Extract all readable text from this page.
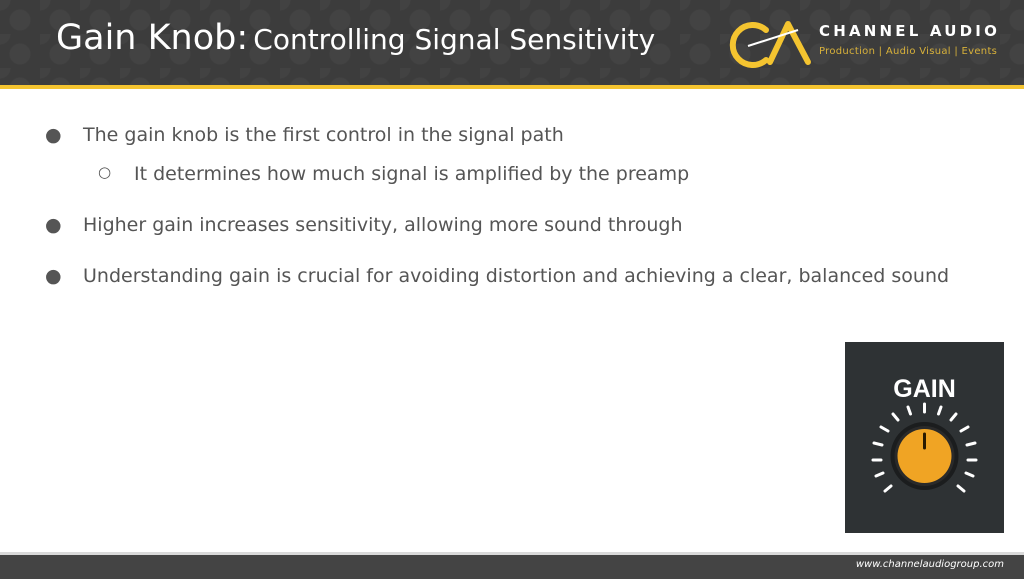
Gain Knob: Controlling Signal Sensitivity	CHANNEL AUDIO
Production | Audio Visual | Events
● The gain knob is the first control in the signal path
○ It determines how much signal is amplified by the preamp
● Higher gain increases sensitivity, allowing more sound through
● Understanding gain is crucial for avoiding distortion and achieving a clear, balanced sound
GAIN
www.channelaudiogroup.com
